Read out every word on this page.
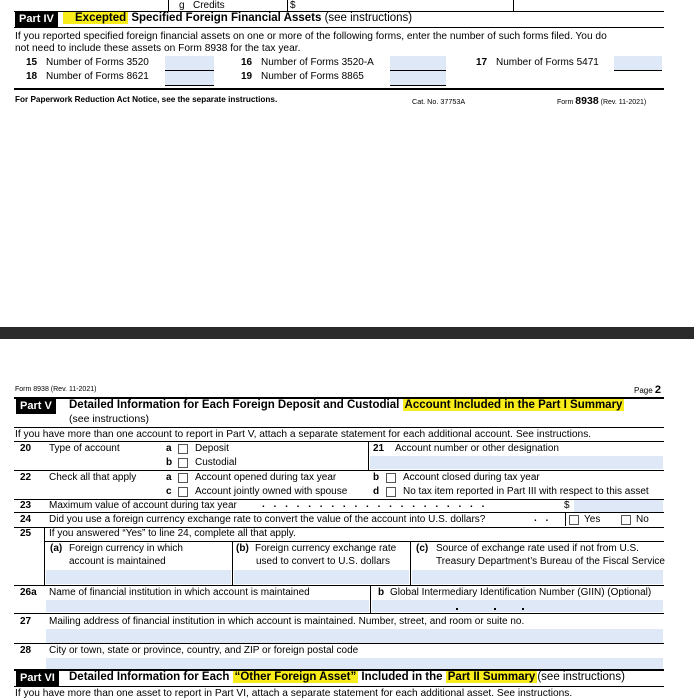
g Credits	$
Part IV	Excepted Specified Foreign Financial Assets (see instructions)
If you reported specified foreign financial assets on one or more of the following forms, enter the number of such forms filed. You do
not need to include these assets on Form 8938 for the tax year.
15 Number of Forms 3520	16 Number of Forms 3520-A	17 Number of Forms 5471
18 Number of Forms 8621	19 Number of Forms 8865
For Paperwork Reduction Act Notice, see the separate instructions.	Cat. No. 37753A	Form 8938 (Rev. 11-2021)
Form 8938 (Rev. 11-2021)	Page 2
Part V	Detailed Information for Each Foreign Deposit and Custodial Account Included in the Part I Summary
(see instructions)
If you have more than one account to report in Part V, attach a separate statement for each additional account. See instructions.
20 Type of account	a Deposit
b Custodial
21 Account number or other designation
22 Check all that apply	a Account opened during tax year	b Account closed during tax year
c Account jointly owned with spouse	d No tax item reported in Part III with respect to this asset
23 Maximum value of account during tax year	. . . . . . . . . . . . . . . . . . . .	$
24 Did you use a foreign currency exchange rate to convert the value of the account into U.S. dollars?	. .	Yes	No
25 If you answered “Yes” to line 24, complete all that apply.
(a) Foreign currency in which
account is maintained
(b) Foreign currency exchange rate
used to convert to U.S. dollars
(c) Source of exchange rate used if not from U.S.
Treasury Department’s Bureau of the Fiscal Service
26a Name of financial institution in which account is maintained	b Global Intermediary Identification Number (GIIN) (Optional)
27 Mailing address of financial institution in which account is maintained. Number, street, and room or suite no.
28 City or town, state or province, country, and ZIP or foreign postal code
Part VI	Detailed Information for Each “Other Foreign Asset” Included in the Part II Summary (see instructions)
If you have more than one asset to report in Part VI, attach a separate statement for each additional asset. See instructions.
